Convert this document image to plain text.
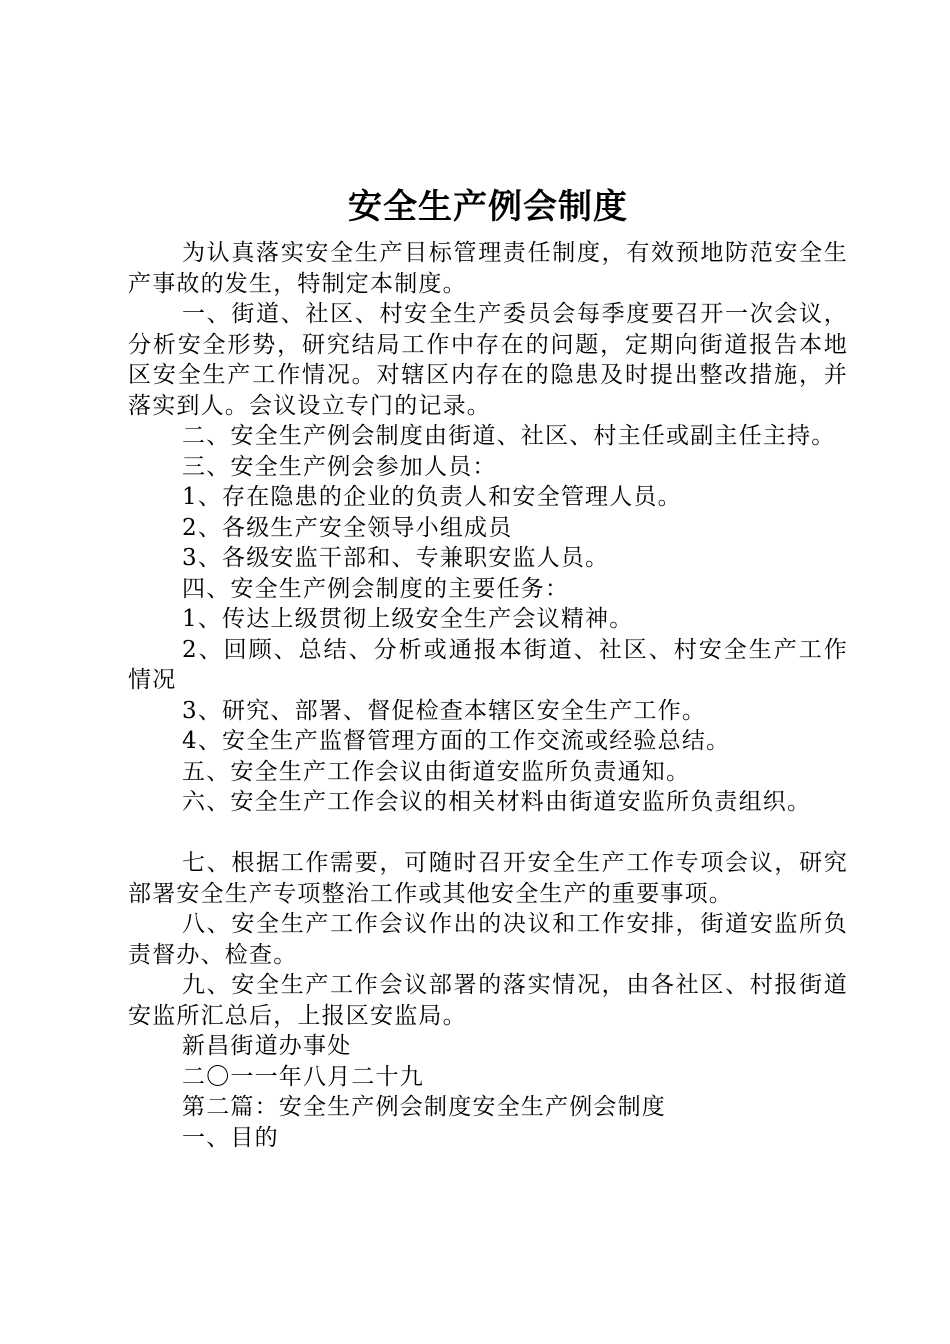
安全生产例会制度

为认真落实安全生产目标管理责任制度，有效预地防范安全生产事故的发生，特制定本制度。

一、街道、社区、村安全生产委员会每季度要召开一次会议，分析安全形势，研究结局工作中存在的问题，定期向街道报告本地区安全生产工作情况。对辖区内存在的隐患及时提出整改措施，并落实到人。会议设立专门的记录。

二、安全生产例会制度由街道、社区、村主任或副主任主持。

三、安全生产例会参加人员：

1、存在隐患的企业的负责人和安全管理人员。

2、各级生产安全领导小组成员

3、各级安监干部和、专兼职安监人员。

四、安全生产例会制度的主要任务：

1、传达上级贯彻上级安全生产会议精神。

2、回顾、总结、分析或通报本街道、社区、村安全生产工作情况

3、研究、部署、督促检查本辖区安全生产工作。

4、安全生产监督管理方面的工作交流或经验总结。

五、安全生产工作会议由街道安监所负责通知。

六、安全生产工作会议的相关材料由街道安监所负责组织。

七、根据工作需要，可随时召开安全生产工作专项会议，研究部署安全生产专项整治工作或其他安全生产的重要事项。

八、安全生产工作会议作出的决议和工作安排，街道安监所负责督办、检查。

九、安全生产工作会议部署的落实情况，由各社区、村报街道安监所汇总后，上报区安监局。

新昌街道办事处

二〇一一年八月二十九

第二篇：安全生产例会制度安全生产例会制度

一、目的
